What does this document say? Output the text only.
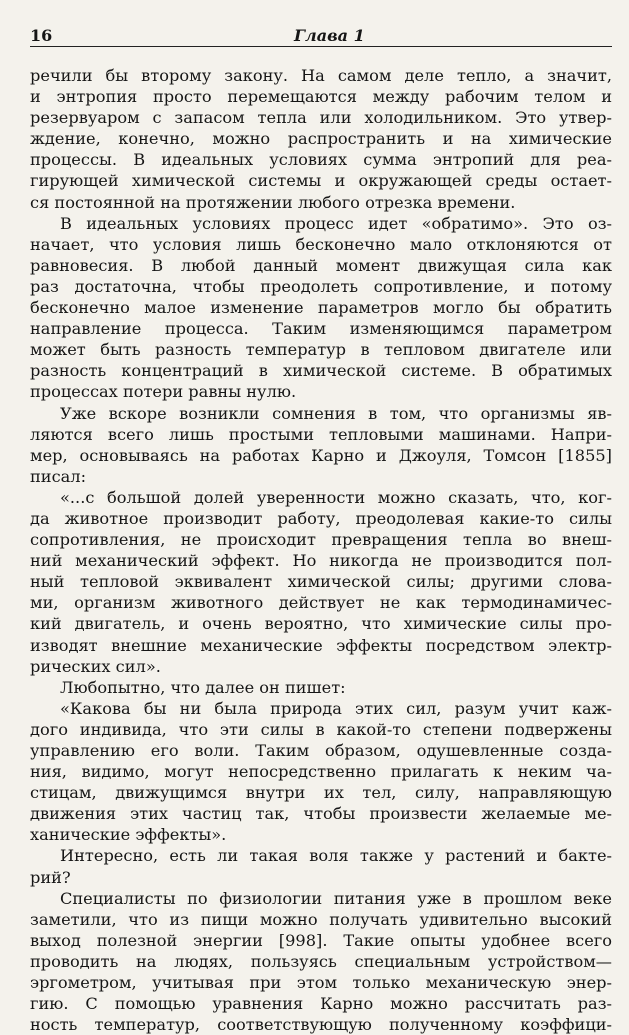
16	Глава 1
речили бы второму закону. На самом деле тепло, а значит,
и энтропия просто перемещаются между рабочим телом и
резервуаром с запасом тепла или холодильником. Это утвер-
ждение, конечно, можно распространить и на химические
процессы. В идеальных условиях сумма энтропий для реа-
гирующей химической системы и окружающей среды остает-
ся постоянной на протяжении любого отрезка времени.
В идеальных условиях процесс идет «обратимо». Это оз-
начает, что условия лишь бесконечно мало отклоняются от
равновесия. В любой данный момент движущая сила как
раз достаточна, чтобы преодолеть сопротивление, и потому
бесконечно малое изменение параметров могло бы обратить
направление процесса. Таким изменяющимся параметром
может быть разность температур в тепловом двигателе или
разность концентраций в химической системе. В обратимых
процессах потери равны нулю.
Уже вскоре возникли сомнения в том, что организмы яв-
ляются всего лишь простыми тепловыми машинами. Напри-
мер, основываясь на работах Карно и Джоуля, Томсон [1855]
писал:
«...с большой долей уверенности можно сказать, что, ког-
да животное производит работу, преодолевая какие-то силы
сопротивления, не происходит превращения тепла во внеш-
ний механический эффект. Но никогда не производится пол-
ный тепловой эквивалент химической силы; другими слова-
ми, организм животного действует не как термодинамичес-
кий двигатель, и очень вероятно, что химические силы про-
изводят внешние механические эффекты посредством электр-
рических сил».
Любопытно, что далее он пишет:
«Какова бы ни была природа этих сил, разум учит каж-
дого индивида, что эти силы в какой-то степени подвержены
управлению его воли. Таким образом, одушевленные созда-
ния, видимо, могут непосредственно прилагать к неким ча-
стицам, движущимся внутри их тел, силу, направляющую
движения этих частиц так, чтобы произвести желаемые ме-
ханические эффекты».
Интересно, есть ли такая воля также у растений и бакте-
рий?
Специалисты по физиологии питания уже в прошлом веке
заметили, что из пищи можно получать удивительно высокий
выход полезной энергии [998]. Такие опыты удобнее всего
проводить на людях, пользуясь специальным устройством—
эргометром, учитывая при этом только механическую энер-
гию. С помощью уравнения Карно можно рассчитать раз-
ность температур, соответствующую полученному коэффици-
